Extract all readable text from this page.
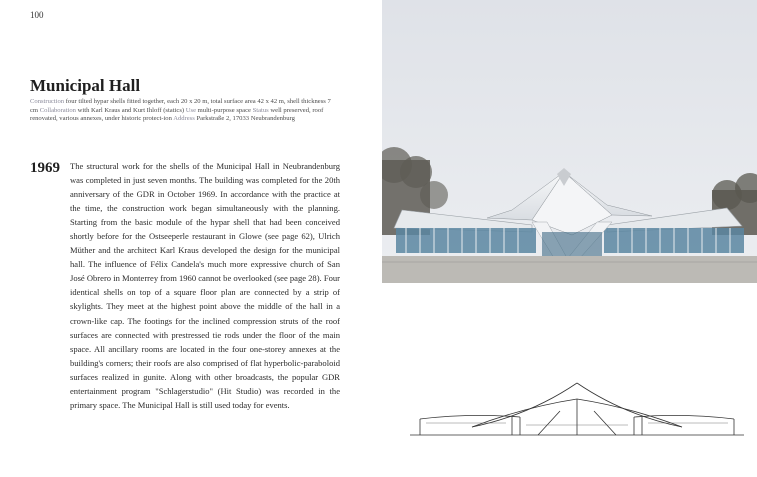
100
Municipal Hall
Construction four tilted hypar shells fitted together, each 20 x 20 m, total surface area 42 x 42 m, shell thickness 7 cm Collaboration with Karl Kraus and Kurt Ihloff (statics) Use multi-purpose space Status well preserved, roof renovated, various annexes, under historic protect-ion Address Parkstraße 2, 17033 Neubrandenburg
1969 The structural work for the shells of the Municipal Hall in Neubrandenburg was completed in just seven months. The building was completed for the 20th anniversary of the GDR in October 1969. In accordance with the practice at the time, the construction work began simultaneously with the planning. Starting from the basic module of the hypar shell that had been conceived shortly before for the Ostseeperle restaurant in Glowe (see page 62), Ulrich Müther and the architect Karl Kraus developed the design for the municipal hall. The influence of Félix Candela's much more expressive church of San José Obrero in Monterrey from 1960 cannot be overlooked (see page 28). Four identical shells on top of a square floor plan are connected by a strip of skylights. They meet at the highest point above the middle of the hall in a crown-like cap. The footings for the inclined compression struts of the roof surfaces are connected with prestressed tie rods under the floor of the main space. All ancillary rooms are located in the four one-storey annexes at the building's corners; their roofs are also comprised of flat hyperbolic-paraboloid surfaces realized in gunite. Along with other broadcasts, the popular GDR entertainment program "Schlagerstudio" (Hit Studio) was recorded in the primary space. The Municipal Hall is still used today for events.
